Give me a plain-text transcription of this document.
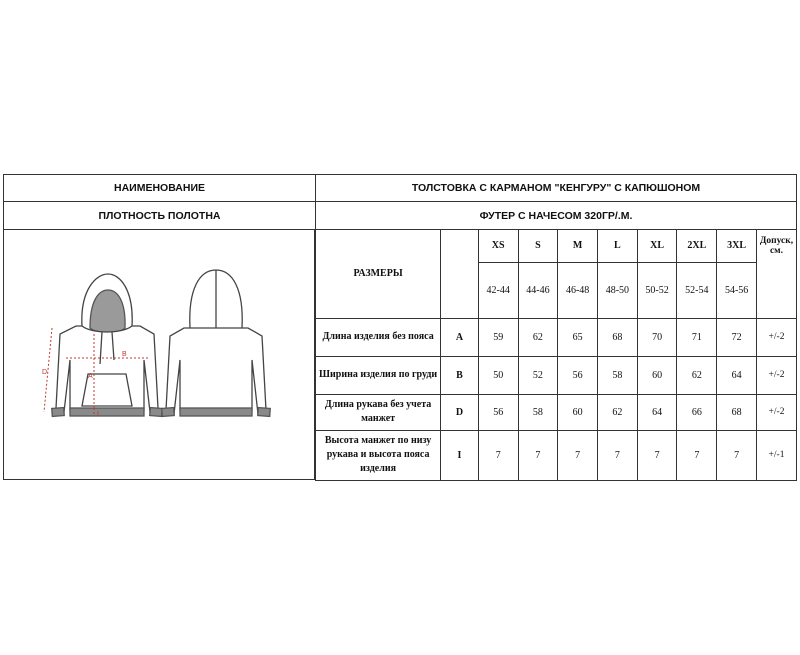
НАИМЕНОВАНИЕ	ТОЛСТОВКА С КАРМАНОМ "КЕНГУРУ" С КАПЮШОНОМ
ПЛОТНОСТЬ ПОЛОТНА	ФУТЕР С НАЧЕСОМ 320ГР/.М.
D
A
B
I
РАЗМЕРЫ		XS	S	M	L	XL	2XL	3XL	Допуск, см.
		42-44	44-46	46-48	48-50	50-52	52-54	54-56	
Длина изделия без пояса	A	59	62	65	68	70	71	72	+/-2
Ширина изделия по груди	B	50	52	56	58	60	62	64	+/-2
Длина рукава без учета манжет	D	56	58	60	62	64	66	68	+/-2
Высота манжет по низу рукава и высота пояса изделия	I	7	7	7	7	7	7	7	+/-1
